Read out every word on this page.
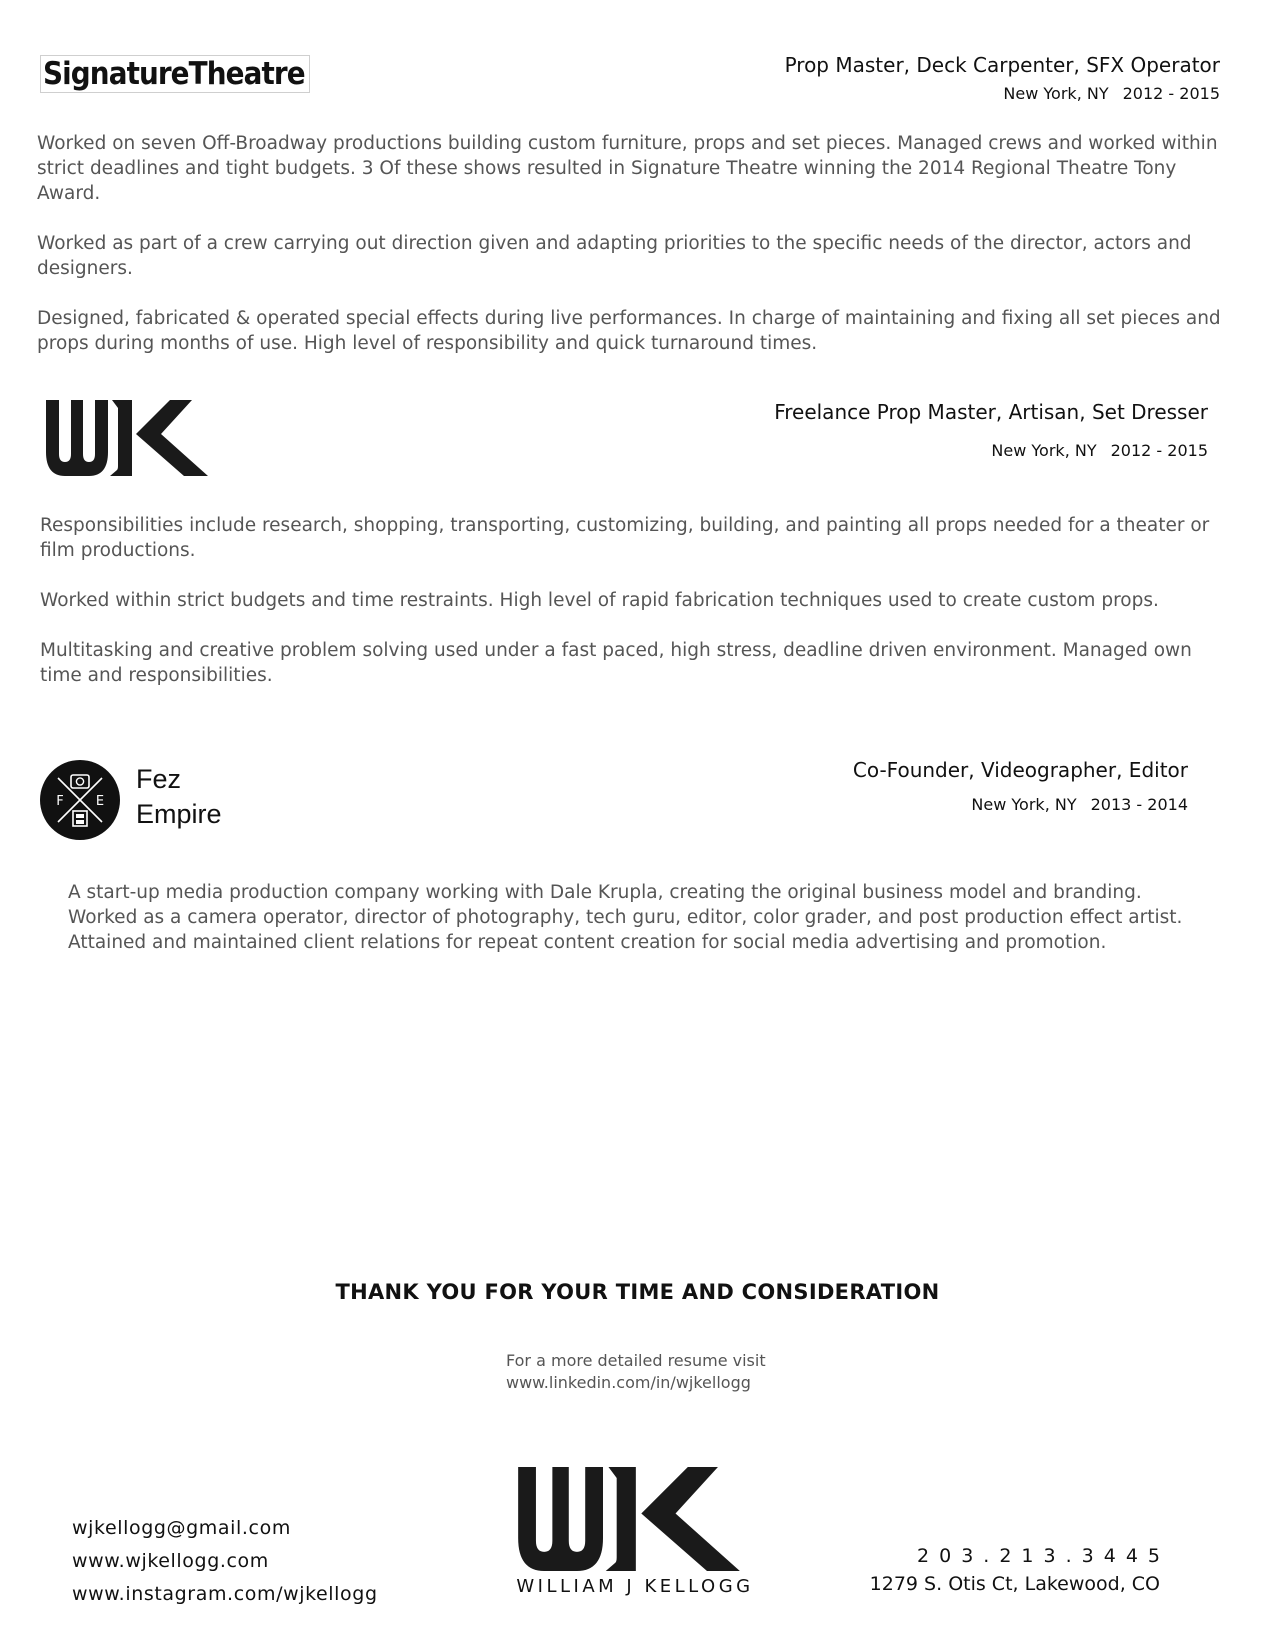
SignatureTheatre	Prop Master, Deck Carpenter, SFX Operator
New York, NY 2012 - 2015

Worked on seven Off-Broadway productions building custom furniture, props and set pieces. Managed crews and worked within strict deadlines and tight budgets. 3 Of these shows resulted in Signature Theatre winning the 2014 Regional Theatre Tony Award.

Worked as part of a crew carrying out direction given and adapting priorities to the specific needs of the director, actors and designers.

Designed, fabricated & operated special effects during live performances. In charge of maintaining and fixing all set pieces and props during months of use. High level of responsibility and quick turnaround times.

Freelance Prop Master, Artisan, Set Dresser
New York, NY 2012 - 2015

Responsibilities include research, shopping, transporting, customizing, building, and painting all props needed for a theater or film productions.

Worked within strict budgets and time restraints. High level of rapid fabrication techniques used to create custom props.

Multitasking and creative problem solving used under a fast paced, high stress, deadline driven environment. Managed own time and responsibilities.

F E
Fez
Empire
Co-Founder, Videographer, Editor
New York, NY 2013 - 2014
A start-up media production company working with Dale Krupla, creating the original business model and branding.
Worked as a camera operator, director of photography, tech guru, editor, color grader, and post production effect artist.
Attained and maintained client relations for repeat content creation for social media advertising and promotion.
THANK YOU FOR YOUR TIME AND CONSIDERATION
For a more detailed resume visit
www.linkedin.com/in/wjkellogg
wjkellogg@gmail.com
www.wjkellogg.com
www.instagram.com/wjkellogg	WILLIAM J KELLOGG
203.213.3445
1279 S. Otis Ct, Lakewood, CO
